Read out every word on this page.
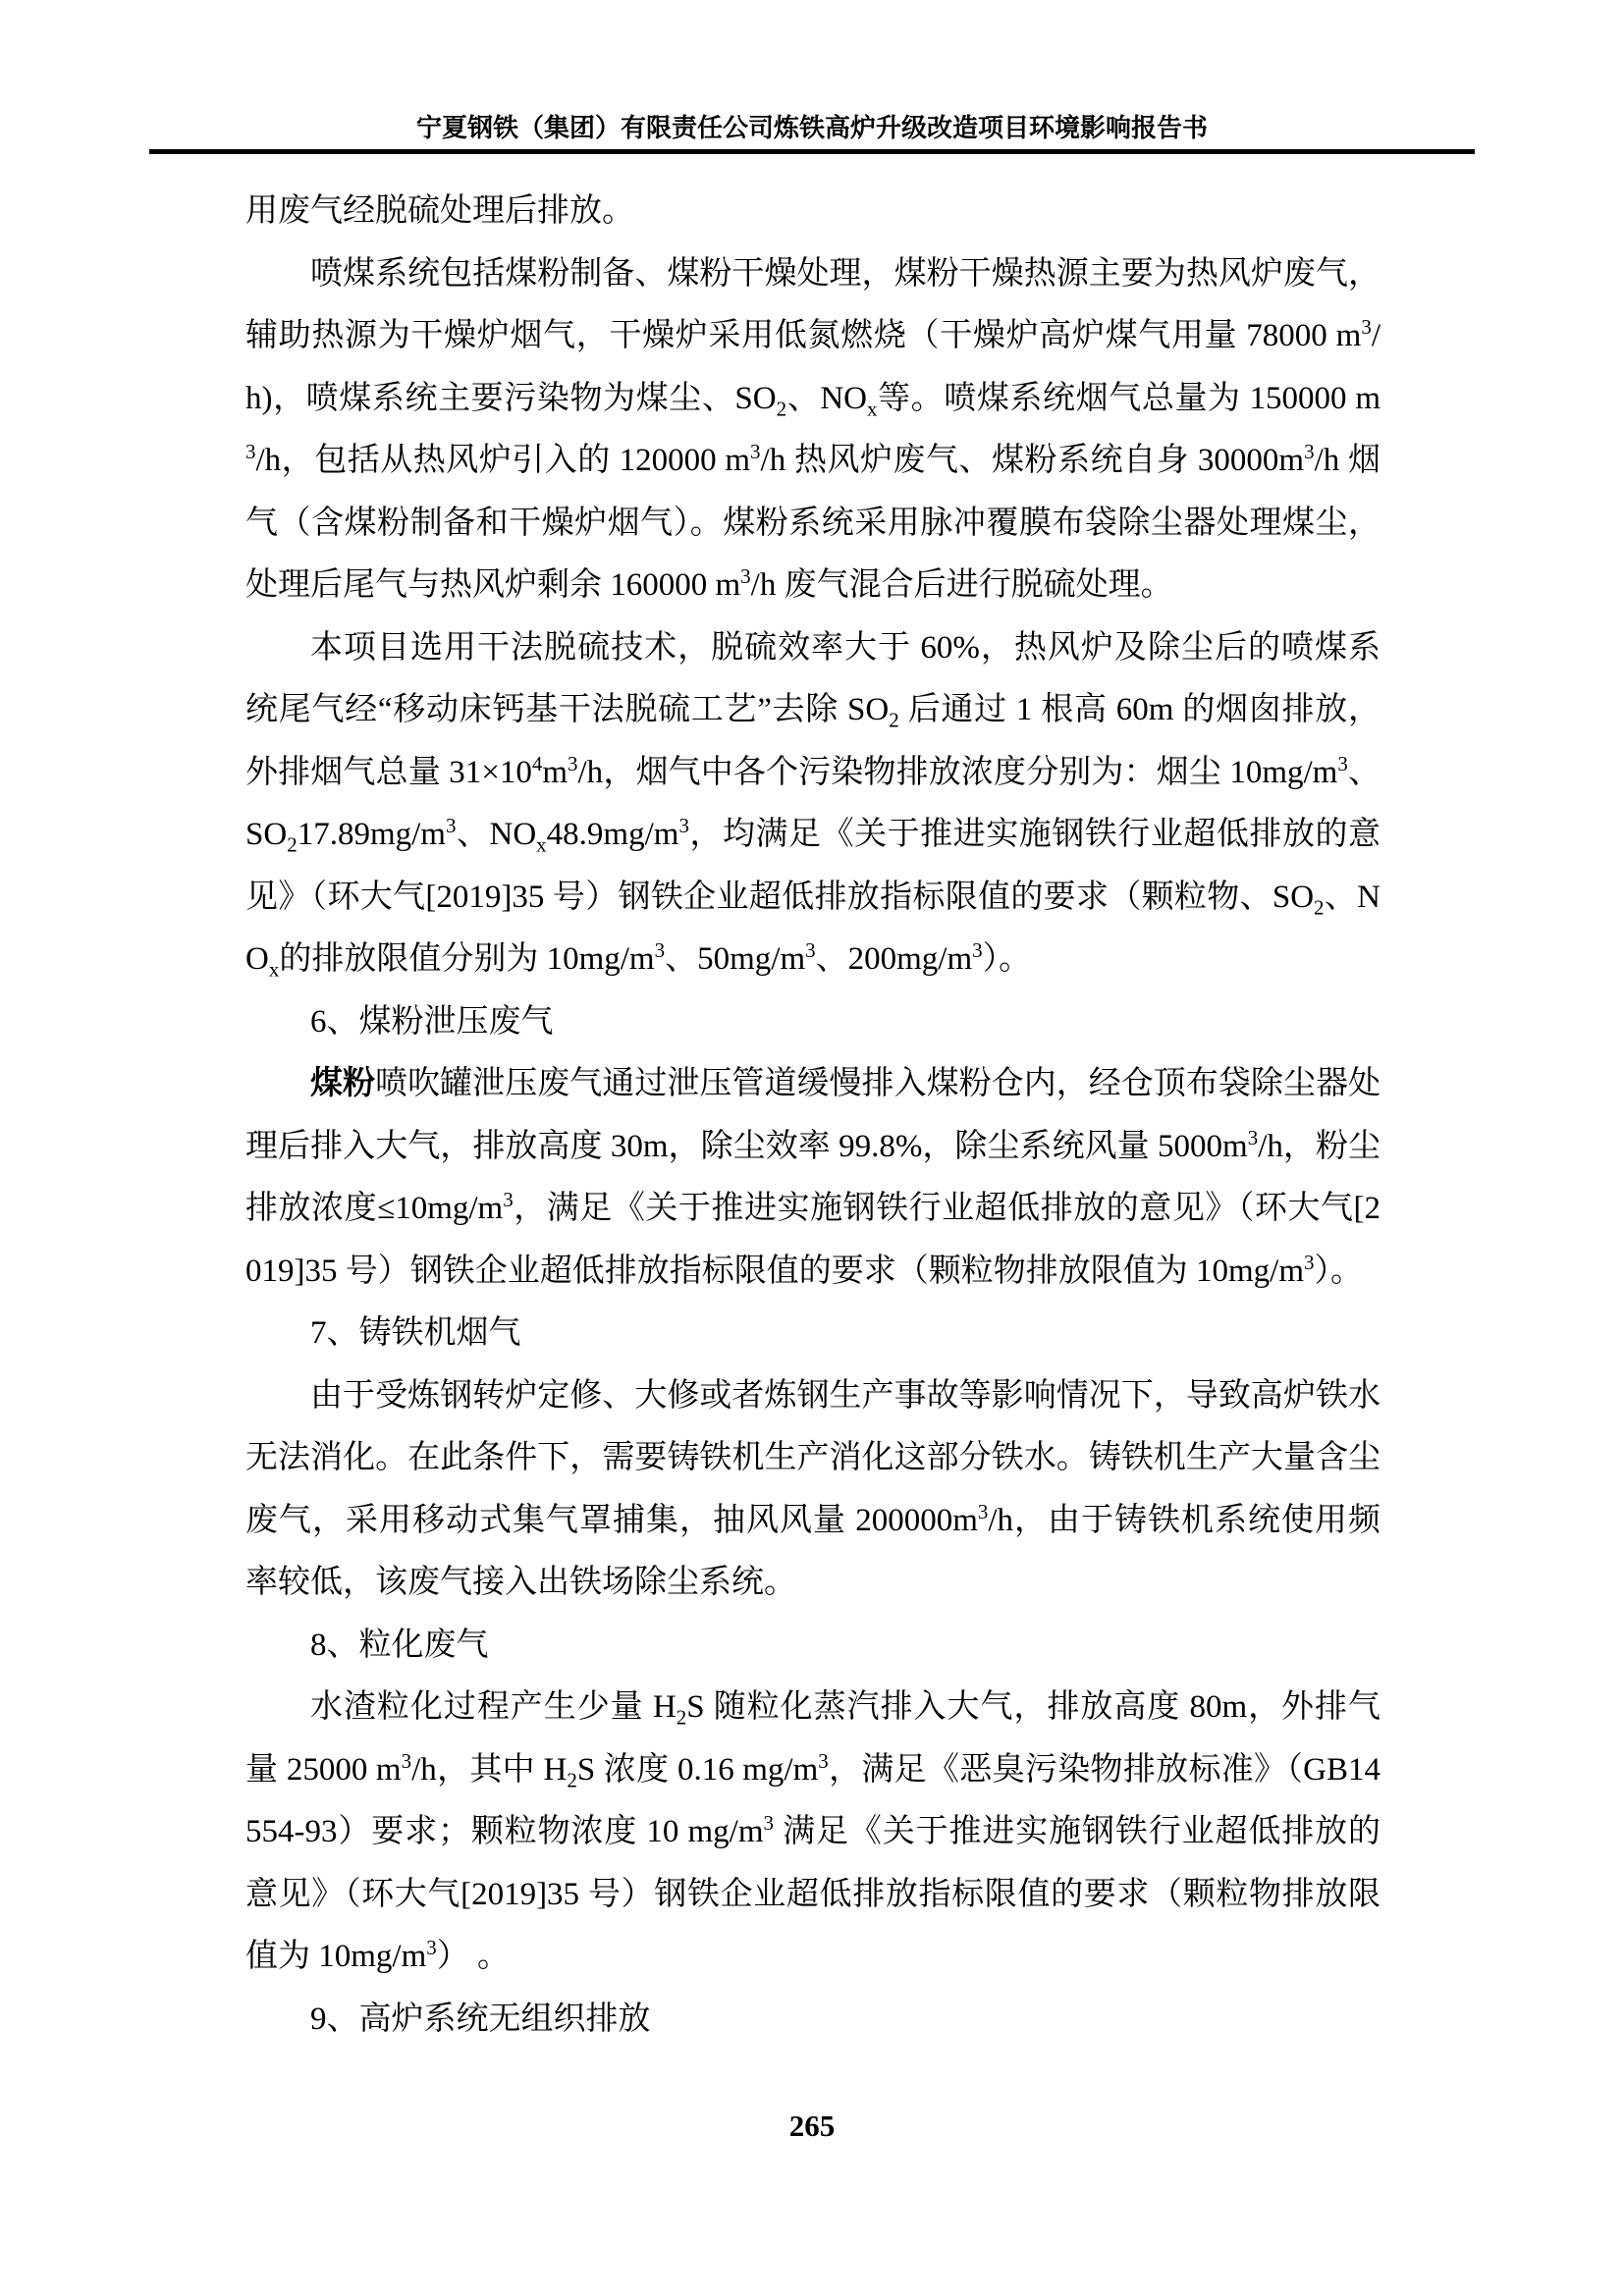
宁夏钢铁（集团）有限责任公司炼铁高炉升级改造项目环境影响报告书

用废气经脱硫处理后排放。

喷煤系统包括煤粉制备、煤粉干燥处理，煤粉干燥热源主要为热风炉废气，辅助热源为干燥炉烟气，干燥炉采用低氮燃烧（干燥炉高炉煤气用量 78000 $m^3/h$)，喷煤系统主要污染物为煤尘、$SO_2$、$NO_x$等。喷煤系统烟气总量为 150000 $m^3/h$，包括从热风炉引入的 120000 $m^3/h$ 热风炉废气、煤粉系统自身 $30000m^3/h$ 烟气（含煤粉制备和干燥炉烟气）。煤粉系统采用脉冲覆膜布袋除尘器处理煤尘，处理后尾气与热风炉剩余 160000 $m^3/h$ 废气混合后进行脱硫处理。

本项目选用干法脱硫技术，脱硫效率大于 60%，热风炉及除尘后的喷煤系统尾气经“移动床钙基干法脱硫工艺”去除 $SO_2$ 后通过 1 根高 60m 的烟囱排放，外排烟气总量 $31\times 10^4m^3/h$，烟气中各个污染物排放浓度分别为：烟尘 $10mg/m^3$、$SO_217.89mg/m^3$、$NO_x48.9mg/m^3$，均满足《关于推进实施钢铁行业超低排放的意见》（环大气[2019]35 号）钢铁企业超低排放指标限值的要求（颗粒物、$SO_2$、$NO_x$的排放限值分别为 $10mg/m^3$、$50mg/m^3$、$200mg/m^3$）。

6、煤粉泄压废气

煤粉喷吹罐泄压废气通过泄压管道缓慢排入煤粉仓内，经仓顶布袋除尘器处理后排入大气，排放高度 30m，除尘效率 99.8%，除尘系统风量 $5000m^3/h$，粉尘排放浓度$\le 10mg/m^3$，满足《关于推进实施钢铁行业超低排放的意见》（环大气[2019]35 号）钢铁企业超低排放指标限值的要求（颗粒物排放限值为 $10mg/m^3$）。

7、铸铁机烟气

由于受炼钢转炉定修、大修或者炼钢生产事故等影响情况下，导致高炉铁水无法消化。在此条件下，需要铸铁机生产消化这部分铁水。铸铁机生产大量含尘废气，采用移动式集气罩捕集，抽风风量 $200000m^3/h$，由于铸铁机系统使用频率较低，该废气接入出铁场除尘系统。

8、粒化废气

水渣粒化过程产生少量 $H_2S$ 随粒化蒸汽排入大气，排放高度 80m，外排气量 25000 $m^3/h$，其中 $H_2S$ 浓度 0.16 $mg/m^3$，满足《恶臭污染物排放标准》（GB14554-93）要求；颗粒物浓度 10 $mg/m^3$ 满足《关于推进实施钢铁行业超低排放的意见》（环大气[2019]35 号）钢铁企业超低排放指标限值的要求（颗粒物排放限值为 $10mg/m^3$） 。

9、高炉系统无组织排放

265
